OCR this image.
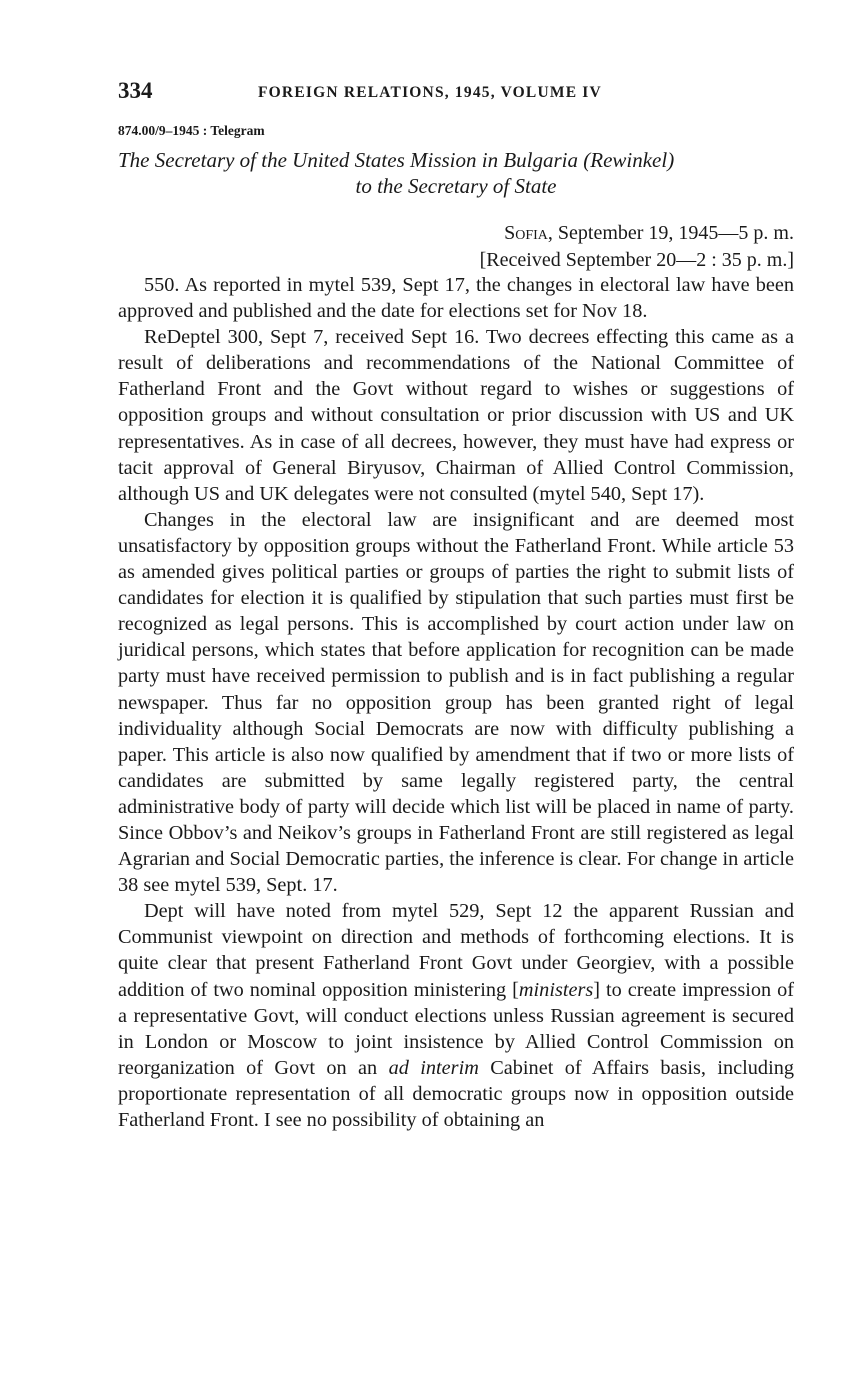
334	FOREIGN RELATIONS, 1945, VOLUME IV
874.00/9–1945 : Telegram
The Secretary of the United States Mission in Bulgaria (Rewinkel)
to the Secretary of State
Sofia, September 19, 1945—5 p. m.
[Received September 20—2 : 35 p. m.]

550. As reported in mytel 539, Sept 17, the changes in electoral law have been approved and published and the date for elections set for Nov 18.

ReDeptel 300, Sept 7, received Sept 16. Two decrees effecting this came as a result of deliberations and recommendations of the National Committee of Fatherland Front and the Govt without regard to wishes or suggestions of opposition groups and without consultation or prior discussion with US and UK representatives. As in case of all decrees, however, they must have had express or tacit approval of General Biryusov, Chairman of Allied Control Commission, although US and UK delegates were not consulted (mytel 540, Sept 17).

Changes in the electoral law are insignificant and are deemed most unsatisfactory by opposition groups without the Fatherland Front. While article 53 as amended gives political parties or groups of parties the right to submit lists of candidates for election it is qualified by stipulation that such parties must first be recognized as legal persons. This is accomplished by court action under law on juridical persons, which states that before application for recognition can be made party must have received permission to publish and is in fact publishing a regular newspaper. Thus far no opposition group has been granted right of legal individuality although Social Democrats are now with difficulty publishing a paper. This article is also now qualified by amendment that if two or more lists of candidates are submitted by same legally registered party, the central administrative body of party will decide which list will be placed in name of party. Since Obbov’s and Neikov’s groups in Fatherland Front are still registered as legal Agrarian and Social Democratic parties, the inference is clear. For change in article 38 see mytel 539, Sept. 17.

Dept will have noted from mytel 529, Sept 12 the apparent Russian and Communist viewpoint on direction and methods of forthcoming elections. It is quite clear that present Fatherland Front Govt under Georgiev, with a possible addition of two nominal opposition ministering [ministers] to create impression of a representative Govt, will conduct elections unless Russian agreement is secured in London or Moscow to joint insistence by Allied Control Commission on reorganization of Govt on an ad interim Cabinet of Affairs basis, including proportionate representation of all democratic groups now in opposition outside Fatherland Front. I see no possibility of obtaining an
